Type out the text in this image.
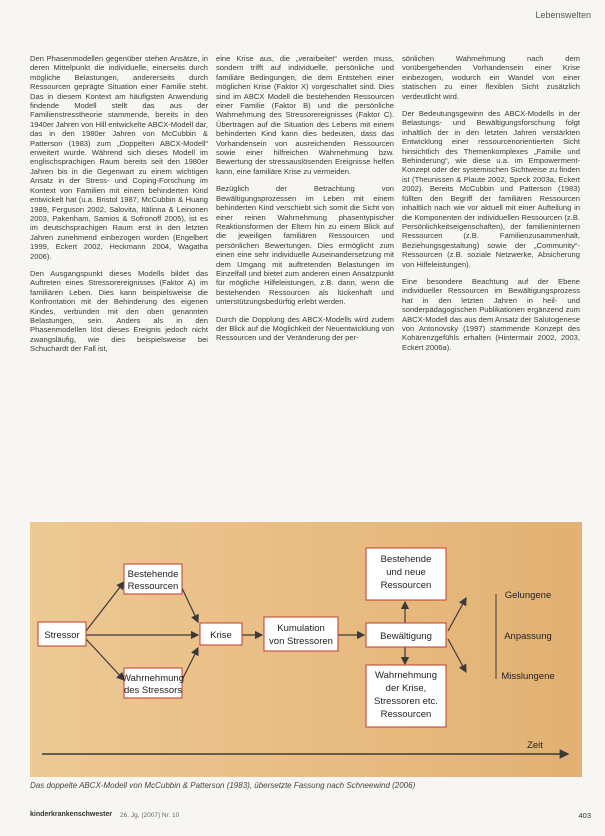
Lebenswelten

Den Phasenmodellen gegenüber stehen Ansätze, in deren Mittelpunkt die individuelle, einerseits durch mögliche Belastungen, andererseits durch Ressourcen geprägte Situation einer Familie steht. Das in diesem Kontext am häufigsten Anwendung findende Modell stellt das aus der Familienstresstheorie stammende, bereits in den 1940er Jahren von Hill entwickelte ABCX-Modell dar, das in den 1980er Jahren von McCubbin & Patterson (1983) zum „Doppelten ABCX-Modell“ erweitert wurde. Während sich dieses Modell im englischsprachigen Raum bereits seit den 1980er Jahren bis in die Gegenwart zu einem wichtigen Ansatz in der Stress- und Coping-Forschung im Kontext von Familien mit einem behinderten Kind entwickelt hat (u.a. Bristol 1987, McCubbin & Huang 1989, Ferguson 2002, Salovita, Itälinna & Leinonen 2003, Pakenham, Samios & Sofronoff 2005), ist es im deutschsprachigen Raum erst in den letzten Jahren zunehmend einbezogen worden (Engelbert 1999, Eckert 2002, Heckmann 2004, Wagatha 2006).

Den Ausgangspunkt dieses Modells bildet das Auftreten eines Stressorereignisses (Faktor A) im familiären Leben. Dies kann beispielsweise die Konfrontation mit der Behinderung des eigenen Kindes, verbunden mit den oben genannten Belastungen, sein. Anders als in den Phasenmodellen löst dieses Ereignis jedoch nicht zwangsläufig, wie dies beispielsweise bei Schuchardt der Fall ist,

eine Krise aus, die „verarbeitet“ werden muss, sondern trifft auf individuelle, persönliche und familiäre Bedingungen, die dem Entstehen einer möglichen Krise (Faktor X) vorgeschaltet sind. Dies sind im ABCX Modell die bestehenden Ressourcen einer Familie (Faktor B) und die persönliche Wahrnehmung des Stressorereignisses (Faktor C). Übertragen auf die Situation des Lebens mit einem behinderten Kind kann dies bedeuten, dass das Vorhandensein von ausreichenden Ressourcen sowie einer hilfreichen Wahrnehmung bzw. Bewertung der stressauslösenden Ereignisse helfen kann, eine familiäre Krise zu vermeiden.

Bezüglich der Betrachtung von Bewältigungsprozessen im Leben mit einem behinderten Kind verschiebt sich somit die Sicht von einer reinen Wahrnehmung phasentypischer Reaktionsformen der Eltern hin zu einem Blick auf die jeweiligen familiären Ressourcen und persönlichen Bewertungen. Dies ermöglicht zum einen eine sehr individuelle Auseinandersetzung mit dem Umgang mit auftretenden Belastungen im Einzelfall und bietet zum anderen einen Ansatzpunkt für mögliche Hilfeleistungen, z.B. dann, wenn die bestehenden Ressourcen als lückenhaft und unterstützungsbedürftig erlebt werden.

Durch die Dopplung des ABCX-Modells wird zudem der Blick auf die Möglichkeit der Neuentwicklung von Ressourcen und der Veränderung der per-

sönlichen Wahrnehmung nach dem vorübergehenden Vorhandensein einer Krise einbezogen, wodurch ein Wandel von einer statischen zu einer flexiblen Sicht zusätzlich verdeutlicht wird.

Der Bedeutungsgewinn des ABCX-Modells in der Belastungs- und Bewältigungsforschung folgt inhaltlich der in den letzten Jahren verstärkten Entwicklung einer ressourcenorientierten Sicht hinsichtlich des Themenkomplexes „Familie und Behinderung“, wie diese u.a. im Empowerment-Konzept oder der systemischen Sichtweise zu finden ist (Theunissen & Plaute 2002, Speck 2003a, Eckert 2002). Bereits McCubbin und Patterson (1983) füllten den Begriff der familiären Ressourcen inhaltlich nach wie vor aktuell mit einer Aufteilung in die Komponenten der individuellen Ressourcen (z.B. Persönlichkeitseigenschaften), der familieninternen Ressourcen (z.B. Familienzusammenhalt, Beziehungsgestaltung) sowie der „Community“-Ressourcen (z.B. soziale Netzwerke, Absicherung von Hilfeleistungen).

Eine besondere Beachtung auf der Ebene individueller Ressourcen im Bewältigungsprozess hat in den letzten Jahren in heil- und sonderpädagogischen Publikationen ergänzend zum ABCX-Modell das aus dem Ansatz der Salutogenese von Antonovsky (1997) stammende Konzept des Kohärenzgefühls erhalten (Hintermair 2002, 2003, Eckert 2006a).

Stressor
Bestehende
Ressourcen
Wahrnehmung
des Stressors
Krise
Kumulation
von Stressoren	Bewältigung
Bestehende
und neue
Ressourcen
Wahrnehmung
der Krise,
Stressoren etc.
Ressourcen
Gelungene
Anpassung
Misslungene
Zeit
Das doppelte ABCX-Modell von McCubbin & Patterson (1983), übersetzte Fassung nach Schneewind (2006)
kinderkrankenschwester 26. Jg. (2007) Nr. 10	403
